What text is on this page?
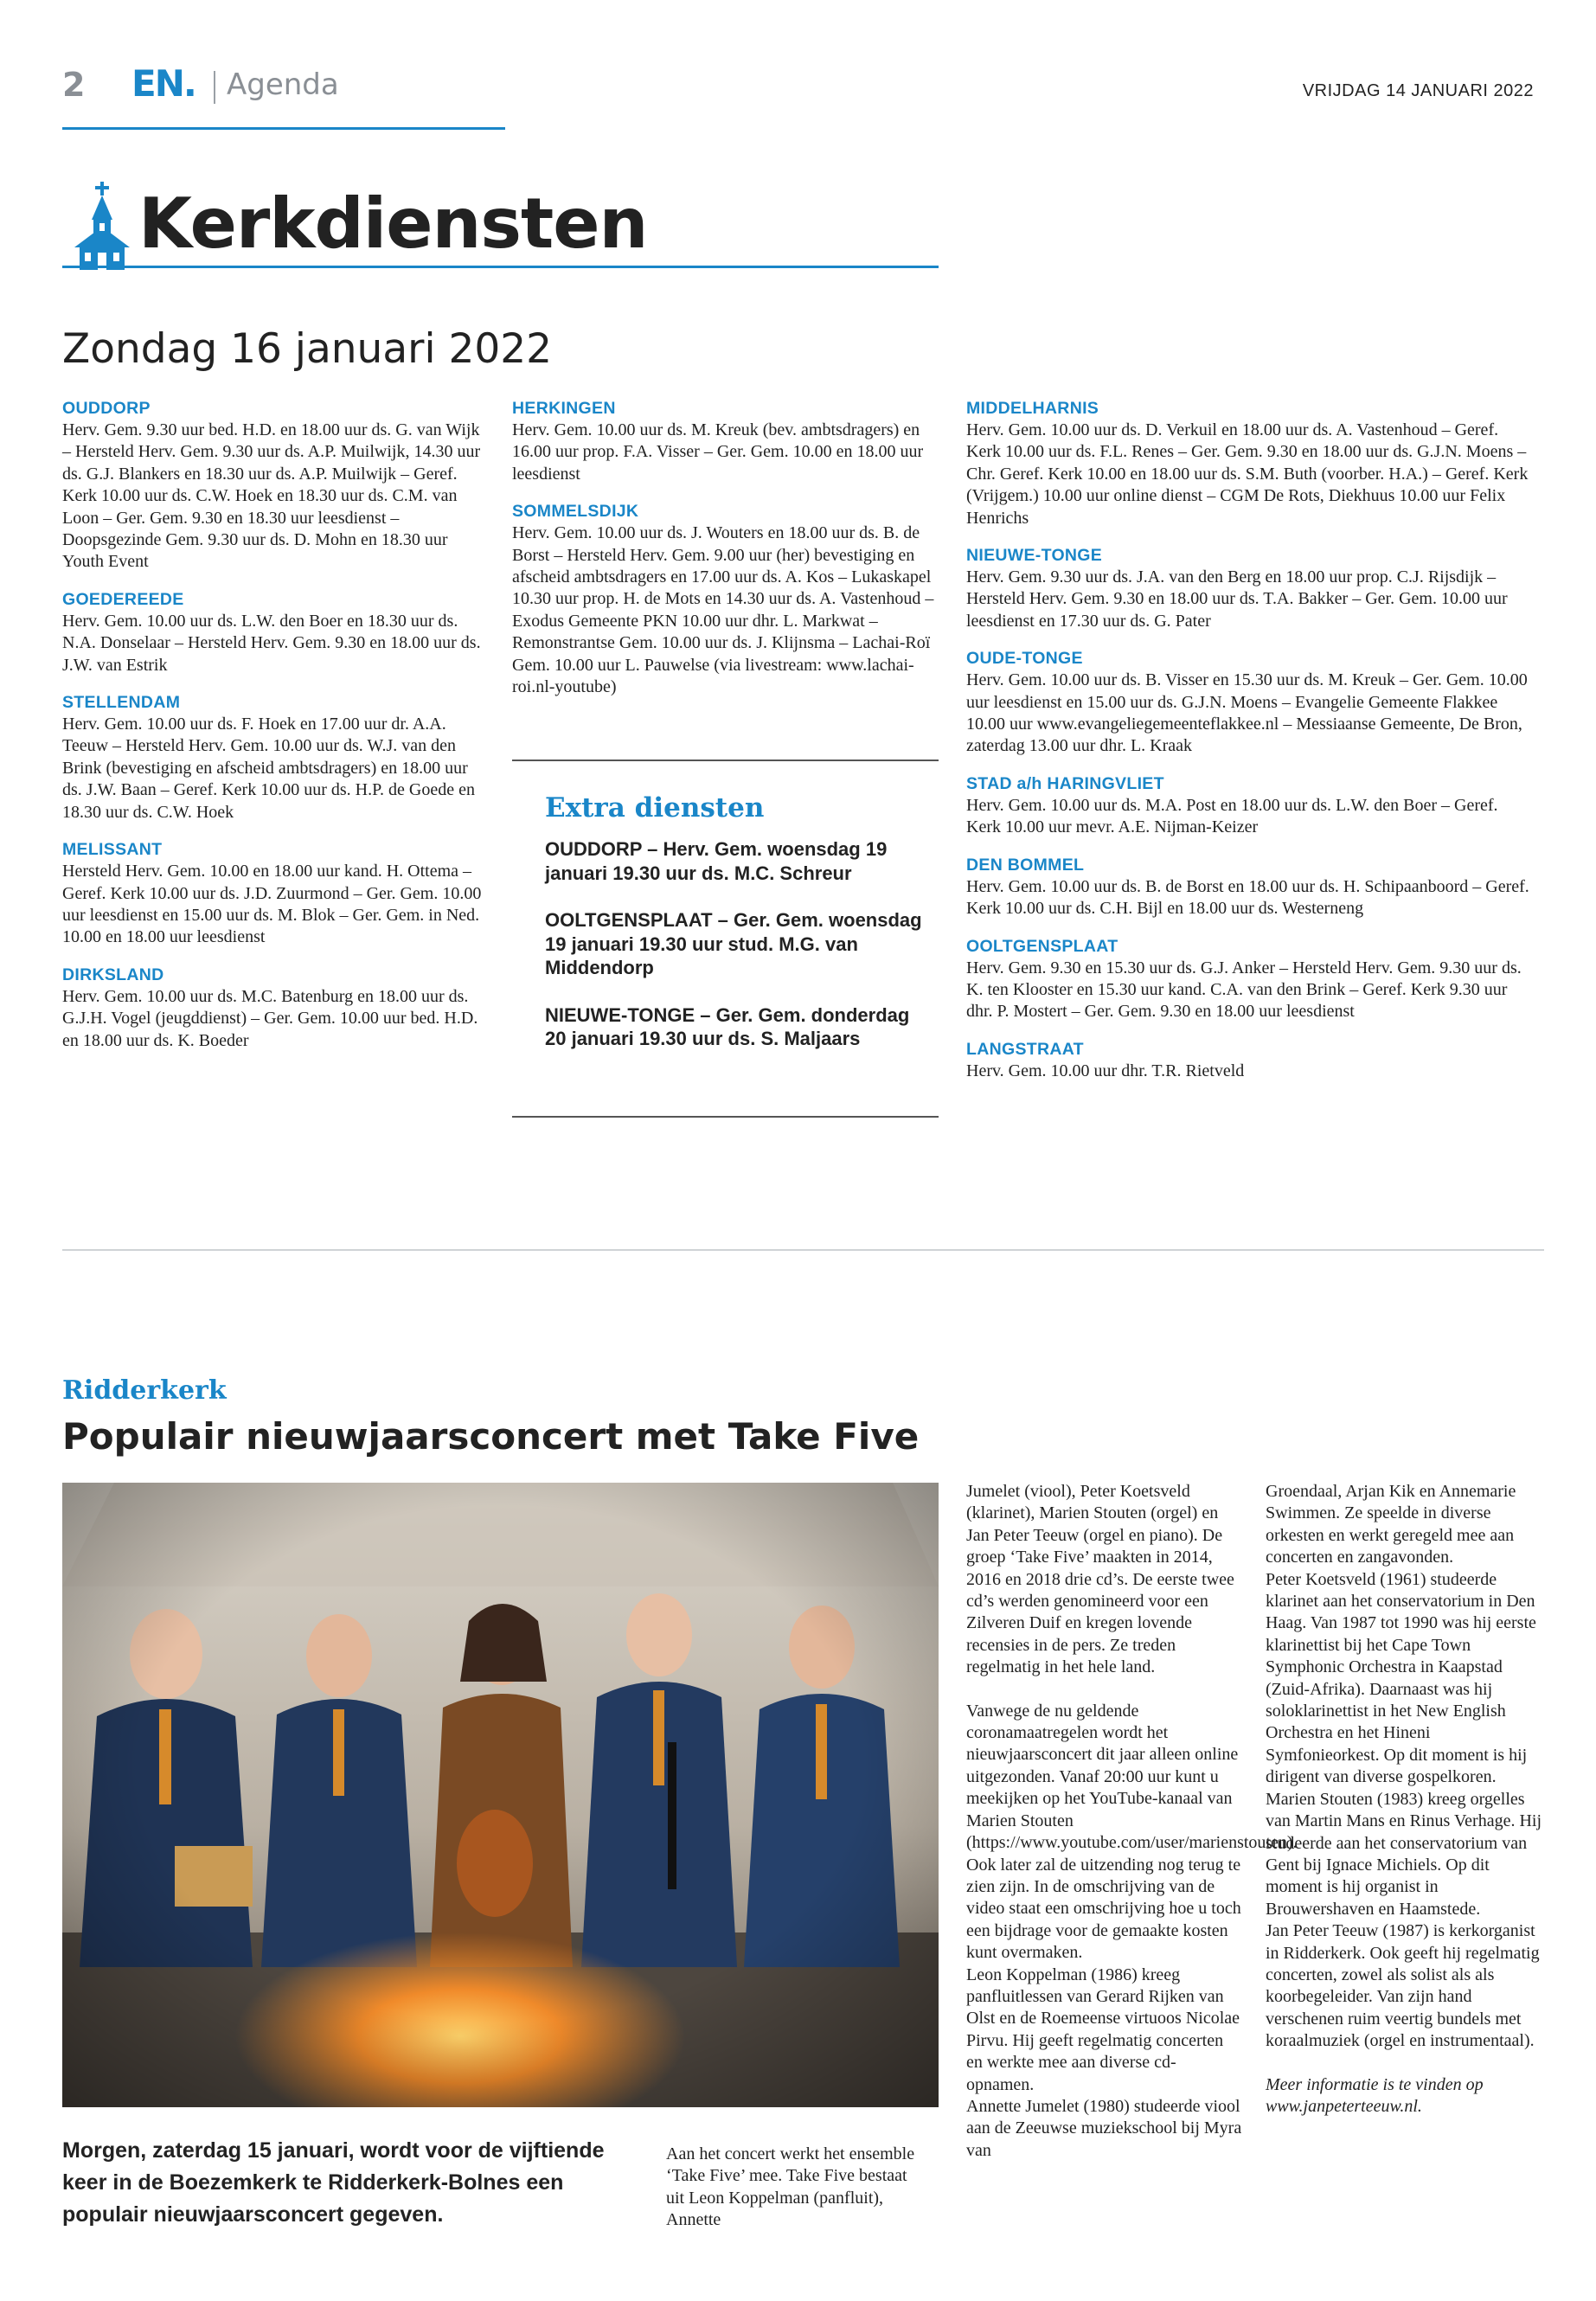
2 EN. Agenda	VRIJDAG 14 JANUARI 2022
Kerkdiensten
Zondag 16 januari 2022
OUDDORP
Herv. Gem. 9.30 uur bed. H.D. en 18.00 uur ds. G. van Wijk – Hersteld Herv. Gem. 9.30 uur ds. A.P. Muilwijk, 14.30 uur ds. G.J. Blankers en 18.30 uur ds. A.P. Muilwijk – Geref. Kerk 10.00 uur ds. C.W. Hoek en 18.30 uur ds. C.M. van Loon – Ger. Gem. 9.30 en 18.30 uur leesdienst – Doopsgezinde Gem. 9.30 uur ds. D. Mohn en 18.30 uur Youth Event
GOEDEREEDE
Herv. Gem. 10.00 uur ds. L.W. den Boer en 18.30 uur ds. N.A. Donselaar – Hersteld Herv. Gem. 9.30 en 18.00 uur ds. J.W. van Estrik
STELLENDAM
Herv. Gem. 10.00 uur ds. F. Hoek en 17.00 uur dr. A.A. Teeuw – Hersteld Herv. Gem. 10.00 uur ds. W.J. van den Brink (bevestiging en afscheid ambtsdragers) en 18.00 uur ds. J.W. Baan – Geref. Kerk 10.00 uur ds. H.P. de Goede en 18.30 uur ds. C.W. Hoek
MELISSANT
Hersteld Herv. Gem. 10.00 en 18.00 uur kand. H. Ottema – Geref. Kerk 10.00 uur ds. J.D. Zuurmond – Ger. Gem. 10.00 uur leesdienst en 15.00 uur ds. M. Blok – Ger. Gem. in Ned. 10.00 en 18.00 uur leesdienst
DIRKSLAND
Herv. Gem. 10.00 uur ds. M.C. Batenburg en 18.00 uur ds. G.J.H. Vogel (jeugddienst) – Ger. Gem. 10.00 uur bed. H.D. en 18.00 uur ds. K. Boeder
HERKINGEN
Herv. Gem. 10.00 uur ds. M. Kreuk (bev. ambtsdragers) en 16.00 uur prop. F.A. Visser – Ger. Gem. 10.00 en 18.00 uur leesdienst
SOMMELSDIJK
Herv. Gem. 10.00 uur ds. J. Wouters en 18.00 uur ds. B. de Borst – Hersteld Herv. Gem. 9.00 uur (her) bevestiging en afscheid ambtsdragers en 17.00 uur ds. A. Kos – Lukaskapel 10.30 uur prop. H. de Mots en 14.30 uur ds. A. Vastenhoud – Exodus Gemeente PKN 10.00 uur dhr. L. Markwat – Remonstrantse Gem. 10.00 uur ds. J. Klijnsma – Lachai-Roï Gem. 10.00 uur L. Pauwelse (via livestream: www.lachai-roi.nl-youtube)
Extra diensten
OUDDORP – Herv. Gem. woensdag 19 januari 19.30 uur ds. M.C. Schreur
OOLTGENSPLAAT – Ger. Gem. woensdag 19 januari 19.30 uur stud. M.G. van Middendorp
NIEUWE-TONGE – Ger. Gem. donderdag 20 januari 19.30 uur ds. S. Maljaars
MIDDELHARNIS
Herv. Gem. 10.00 uur ds. D. Verkuil en 18.00 uur ds. A. Vastenhoud – Geref. Kerk 10.00 uur ds. F.L. Renes – Ger. Gem. 9.30 en 18.00 uur ds. G.J.N. Moens – Chr. Geref. Kerk 10.00 en 18.00 uur ds. S.M. Buth (voorber. H.A.) – Geref. Kerk (Vrijgem.) 10.00 uur online dienst – CGM De Rots, Diekhuus 10.00 uur Felix Henrichs
NIEUWE-TONGE
Herv. Gem. 9.30 uur ds. J.A. van den Berg en 18.00 uur prop. C.J. Rijsdijk – Hersteld Herv. Gem. 9.30 en 18.00 uur ds. T.A. Bakker – Ger. Gem. 10.00 uur leesdienst en 17.30 uur ds. G. Pater
OUDE-TONGE
Herv. Gem. 10.00 uur ds. B. Visser en 15.30 uur ds. M. Kreuk – Ger. Gem. 10.00 uur leesdienst en 15.00 uur ds. G.J.N. Moens – Evangelie Gemeente Flakkee 10.00 uur www.evangeliegemeenteflakkee.nl – Messiaanse Gemeente, De Bron, zaterdag 13.00 uur dhr. L. Kraak
STAD a/h HARINGVLIET
Herv. Gem. 10.00 uur ds. M.A. Post en 18.00 uur ds. L.W. den Boer – Geref. Kerk 10.00 uur mevr. A.E. Nijman-Keizer
DEN BOMMEL
Herv. Gem. 10.00 uur ds. B. de Borst en 18.00 uur ds. H. Schipaanboord – Geref. Kerk 10.00 uur ds. C.H. Bijl en 18.00 uur ds. Westerneng
OOLTGENSPLAAT
Herv. Gem. 9.30 en 15.30 uur ds. G.J. Anker – Hersteld Herv. Gem. 9.30 uur ds. K. ten Klooster en 15.30 uur kand. C.A. van den Brink – Geref. Kerk 9.30 uur dhr. P. Mostert – Ger. Gem. 9.30 en 18.00 uur leesdienst
LANGSTRAAT
Herv. Gem. 10.00 uur dhr. T.R. Rietveld
Ridderkerk
Populair nieuwjaarsconcert met Take Five
Morgen, zaterdag 15 januari, wordt voor de vijftiende keer in de Boezemkerk te Ridderkerk-Bolnes een populair nieuwjaarsconcert gegeven.

Aan het concert werkt het ensemble ‘Take Five’ mee. Take Five bestaat uit Leon Koppelman (panfluit), Annette

Jumelet (viool), Peter Koetsveld (klarinet), Marien Stouten (orgel) en Jan Peter Teeuw (orgel en piano). De groep ‘Take Five’ maakten in 2014, 2016 en 2018 drie cd’s. De eerste twee cd’s werden genomineerd voor een Zilveren Duif en kregen lovende recensies in de pers. Ze treden regelmatig in het hele land.

Vanwege de nu geldende coronamaatregelen wordt het nieuwjaarsconcert dit jaar alleen online uitgezonden. Vanaf 20:00 uur kunt u meekijken op het YouTube-kanaal van Marien Stouten (https://www.youtube.com/user/marienstouten). Ook later zal de uitzending nog terug te zien zijn. In de omschrijving van de video staat een omschrijving hoe u toch een bijdrage voor de gemaakte kosten kunt overmaken.

Leon Koppelman (1986) kreeg panfluitlessen van Gerard Rijken van Olst en de Roemeense virtuoos Nicolae Pirvu. Hij geeft regelmatig concerten en werkte mee aan diverse cd-opnamen.

Annette Jumelet (1980) studeerde viool aan de Zeeuwse muziekschool bij Myra van

Groendaal, Arjan Kik en Annemarie Swimmen. Ze speelde in diverse orkesten en werkt geregeld mee aan concerten en zangavonden.

Peter Koetsveld (1961) studeerde klarinet aan het conservatorium in Den Haag. Van 1987 tot 1990 was hij eerste klarinettist bij het Cape Town Symphonic Orchestra in Kaapstad (Zuid-Afrika). Daarnaast was hij soloklarinettist in het New English Orchestra en het Hineni Symfonieorkest. Op dit moment is hij dirigent van diverse gospelkoren.

Marien Stouten (1983) kreeg orgelles van Martin Mans en Rinus Verhage. Hij studeerde aan het conservatorium van Gent bij Ignace Michiels. Op dit moment is hij organist in Brouwershaven en Haamstede.

Jan Peter Teeuw (1987) is kerkorganist in Ridderkerk. Ook geeft hij regelmatig concerten, zowel als solist als als koorbegeleider. Van zijn hand verschenen ruim veertig bundels met koraalmuziek (orgel en instrumentaal).

Meer informatie is te vinden op www.janpeterteeuw.nl.
